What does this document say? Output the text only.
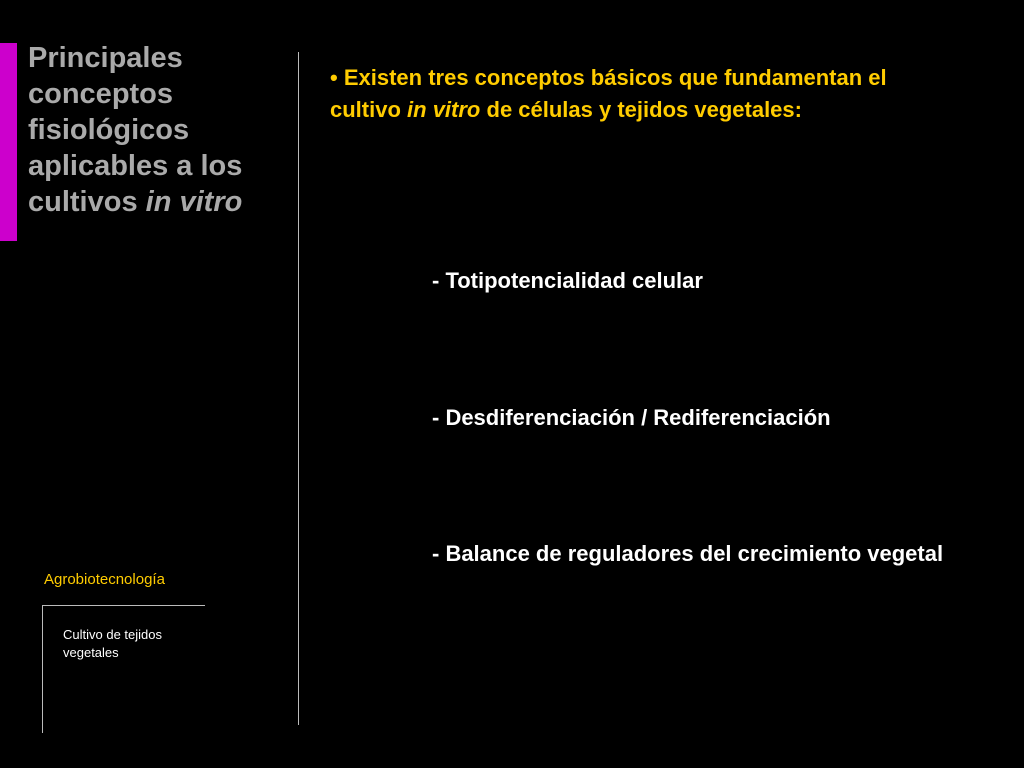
Principales conceptos fisiológicos aplicables a los cultivos in vitro

• Existen tres conceptos básicos que fundamentan el cultivo in vitro de células y tejidos vegetales:

- Totipotencialidad celular

- Desdiferenciación / Rediferenciación

- Balance de reguladores del crecimiento vegetal

Agrobiotecnología

Cultivo de tejidos vegetales
